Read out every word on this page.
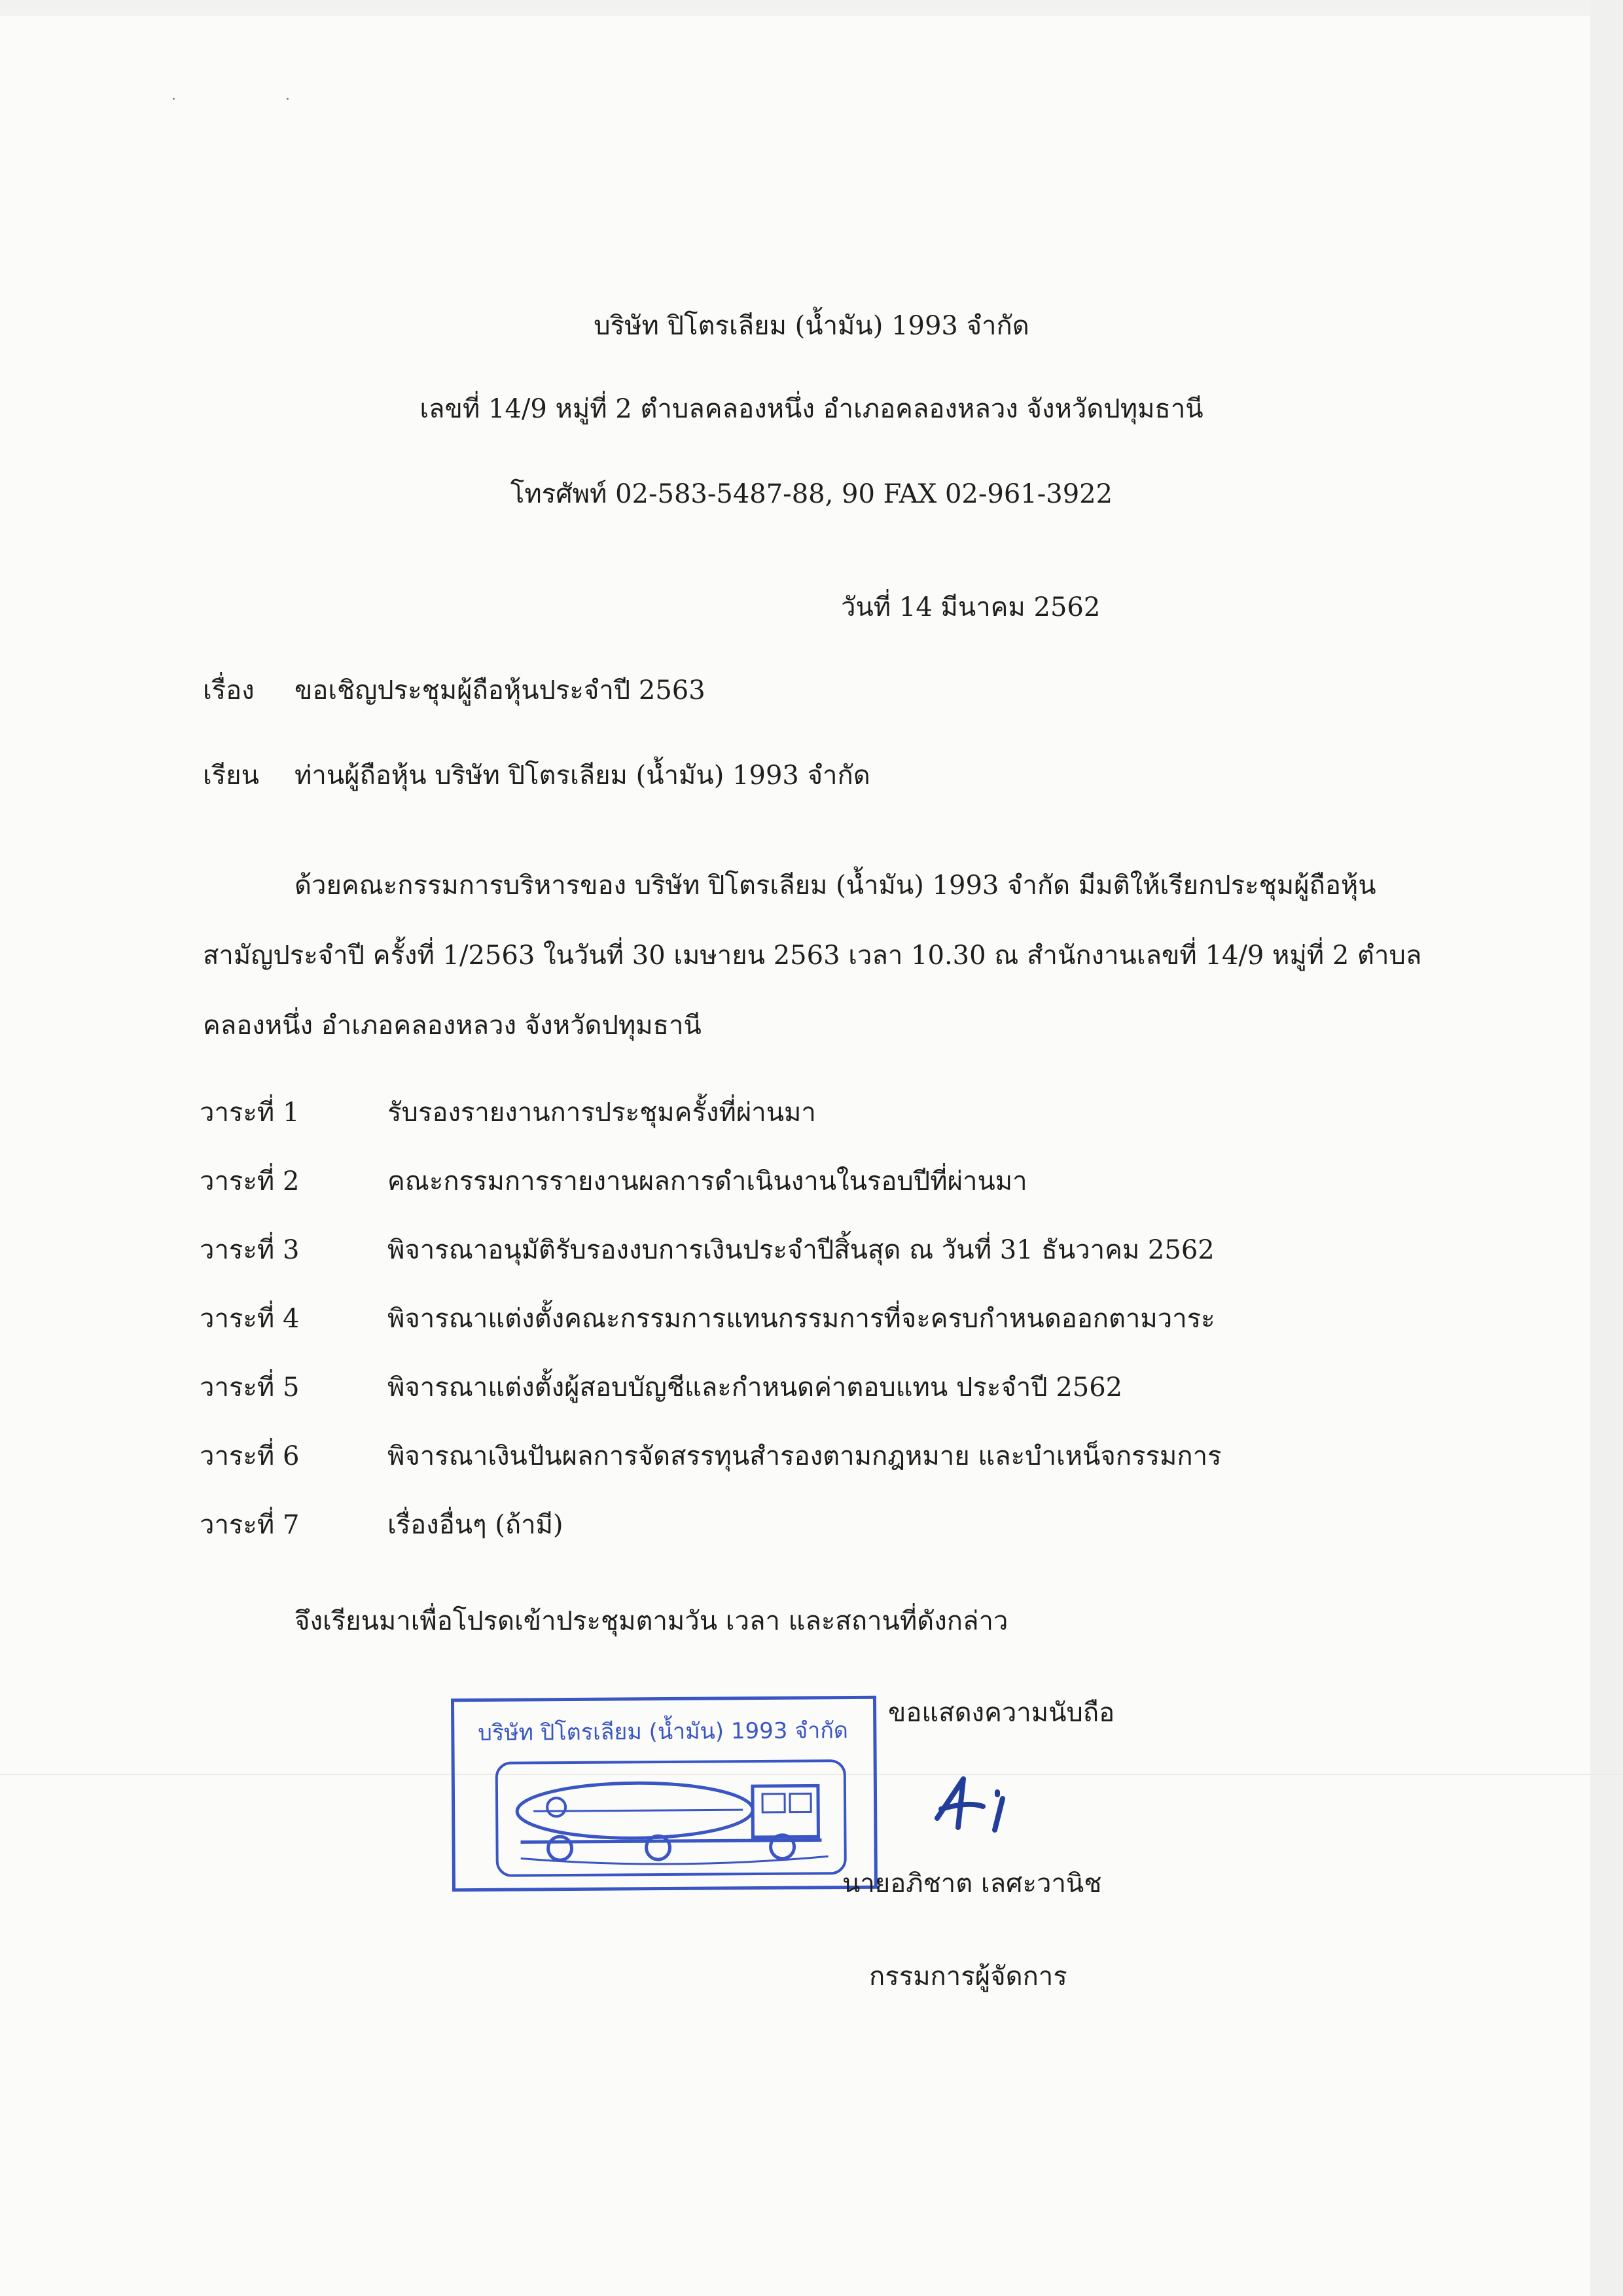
· ·
บริษัท ปิโตรเลียม (น้ำมัน) 1993 จำกัด
เลขที่ 14/9 หมู่ที่ 2 ตำบลคลองหนึ่ง อำเภอคลองหลวง จังหวัดปทุมธานี
โทรศัพท์ 02-583-5487-88, 90 FAX 02-961-3922
วันที่ 14 มีนาคม 2562
เรื่อง ขอเชิญประชุมผู้ถือหุ้นประจำปี 2563
เรียน ท่านผู้ถือหุ้น บริษัท ปิโตรเลียม (น้ำมัน) 1993 จำกัด
ด้วยคณะกรรมการบริหารของ บริษัท ปิโตรเลียม (น้ำมัน) 1993 จำกัด มีมติให้เรียกประชุมผู้ถือหุ้น
สามัญประจำปี ครั้งที่ 1/2563 ในวันที่ 30 เมษายน 2563 เวลา 10.30 ณ สำนักงานเลขที่ 14/9 หมู่ที่ 2 ตำบล
คลองหนึ่ง อำเภอคลองหลวง จังหวัดปทุมธานี
วาระที่ 1	รับรองรายงานการประชุมครั้งที่ผ่านมา
วาระที่ 2	คณะกรรมการรายงานผลการดำเนินงานในรอบปีที่ผ่านมา
วาระที่ 3	พิจารณาอนุมัติรับรองงบการเงินประจำปีสิ้นสุด ณ วันที่ 31 ธันวาคม 2562
วาระที่ 4	พิจารณาแต่งตั้งคณะกรรมการแทนกรรมการที่จะครบกำหนดออกตามวาระ
วาระที่ 5	พิจารณาแต่งตั้งผู้สอบบัญชีและกำหนดค่าตอบแทน ประจำปี 2562
วาระที่ 6	พิจารณาเงินปันผลการจัดสรรทุนสำรองตามกฎหมาย และบำเหน็จกรรมการ
วาระที่ 7	เรื่องอื่นๆ (ถ้ามี)
จึงเรียนมาเพื่อโปรดเข้าประชุมตามวัน เวลา และสถานที่ดังกล่าว
บริษัท ปิโตรเลียม (น้ำมัน) 1993 จำกัด
ขอแสดงความนับถือ
นายอภิชาต เลศะวานิช
กรรมการผู้จัดการ
